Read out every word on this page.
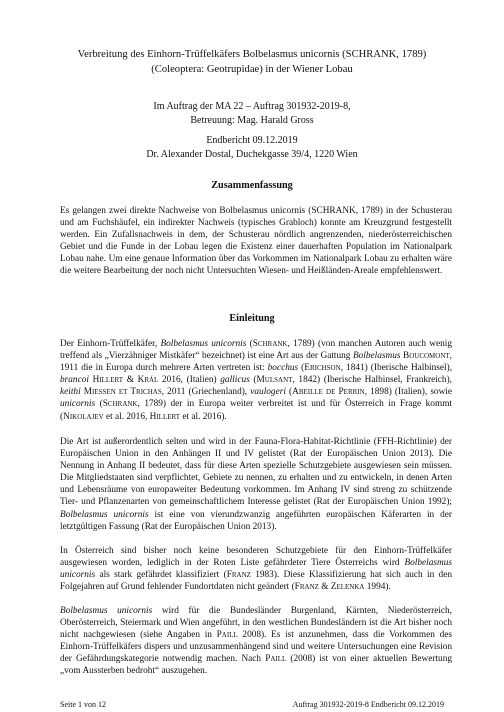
Verbreitung des Einhorn-Trüffelkäfers Bolbelasmus unicornis (SCHRANK, 1789)
(Coleoptera: Geotrupidae) in der Wiener Lobau
Im Auftrag der MA 22 – Auftrag 301932-2019-8,
Betreuung: Mag. Harald Gross
Endbericht 09.12.2019
Dr. Alexander Dostal, Duchekgasse 39/4, 1220 Wien
Zusammenfassung
Es gelangen zwei direkte Nachweise von Bolbelasmus unicornis (SCHRANK, 1789) in der Schusterau und am Fuchshäufel, ein indirekter Nachweis (typisches Grabloch) konnte am Kreuzgrund festgestellt werden. Ein Zufallsnachweis in dem, der Schusterau nördlich angrenzenden, niederösterreichischen Gebiet und die Funde in der Lobau legen die Existenz einer dauerhaften Population im Nationalpark Lobau nahe. Um eine genaue Information über das Vorkommen im Nationalpark Lobau zu erhalten wäre die weitere Bearbeitung der noch nicht Untersuchten Wiesen- und Heißländen-Areale empfehlenswert.
Einleitung

Der Einhorn-Trüffelkäfer, Bolbelasmus unicornis (Schrank, 1789) (von manchen Autoren auch wenig treffend als „Vierzähniger Mistkäfer“ bezeichnet) ist eine Art aus der Gattung Bolbelasmus Boucomont, 1911 die in Europa durch mehrere Arten vertreten ist: bocchus (Erichson, 1841) (Iberische Halbinsel), brancoi Hillert & Král 2016, (Italien) gallicus (Mulsant, 1842) (Iberische Halbinsel, Frankreich), keithi Miessen et Trichas, 2011 (Griechenland), vaulogeri (Abeille de Perrin, 1898) (Italien), sowie unicornis (Schrank, 1789) der in Europa weiter verbreitet ist und für Österreich in Frage kommt (Nikolajev et al. 2016, Hillert et al. 2016).

Die Art ist außerordentlich selten und wird in der Fauna-Flora-Habitat-Richtlinie (FFH-Richtlinie) der Europäischen Union in den Anhängen II und IV gelistet (Rat der Europäischen Union 2013). Die Nennung in Anhang II bedeutet, dass für diese Arten spezielle Schutzgebiete ausgewiesen sein müssen. Die Mitgliedstaaten sind verpflichtet, Gebiete zu nennen, zu erhalten und zu entwickeln, in denen Arten und Lebensräume von europaweiter Bedeutung vorkommen. Im Anhang IV sind streng zu schützende Tier- und Pflanzenarten von gemeinschaftlichem Interesse gelistet (Rat der Europäischen Union 1992); Bolbelasmus unicornis ist eine von vierundzwanzig angeführten europäischen Käferarten in der letztgültigen Fassung (Rat der Europäischen Union 2013).

In Österreich sind bisher noch keine besonderen Schutzgebiete für den Einhorn-Trüffelkäfer ausgewiesen worden, lediglich in der Roten Liste gefährdeter Tiere Österreichs wird Bolbelasmus unicornis als stark gefährdet klassifiziert (Franz 1983). Diese Klassifizierung hat sich auch in den Folgejahren auf Grund fehlender Fundortdaten nicht geändert (Franz & Zelenka 1994).

Bolbelasmus unicornis wird für die Bundesländer Burgenland, Kärnten, Niederösterreich, Oberösterreich, Steiermark und Wien angeführt, in den westlichen Bundesländern ist die Art bisher noch nicht nachgewiesen (siehe Angaben in Paill 2008). Es ist anzunehmen, dass die Vorkommen des Einhorn-Trüffelkäfers dispers und unzusammenhängend sind und weitere Untersuchungen eine Revision der Gefährdungskategorie notwendig machen. Nach Paill (2008) ist von einer aktuellen Bewertung „vom Aussterben bedroht“ auszugehen.

Seite 1 von 12	Auftrag 301932-2019-8 Endbericht 09.12.2019
